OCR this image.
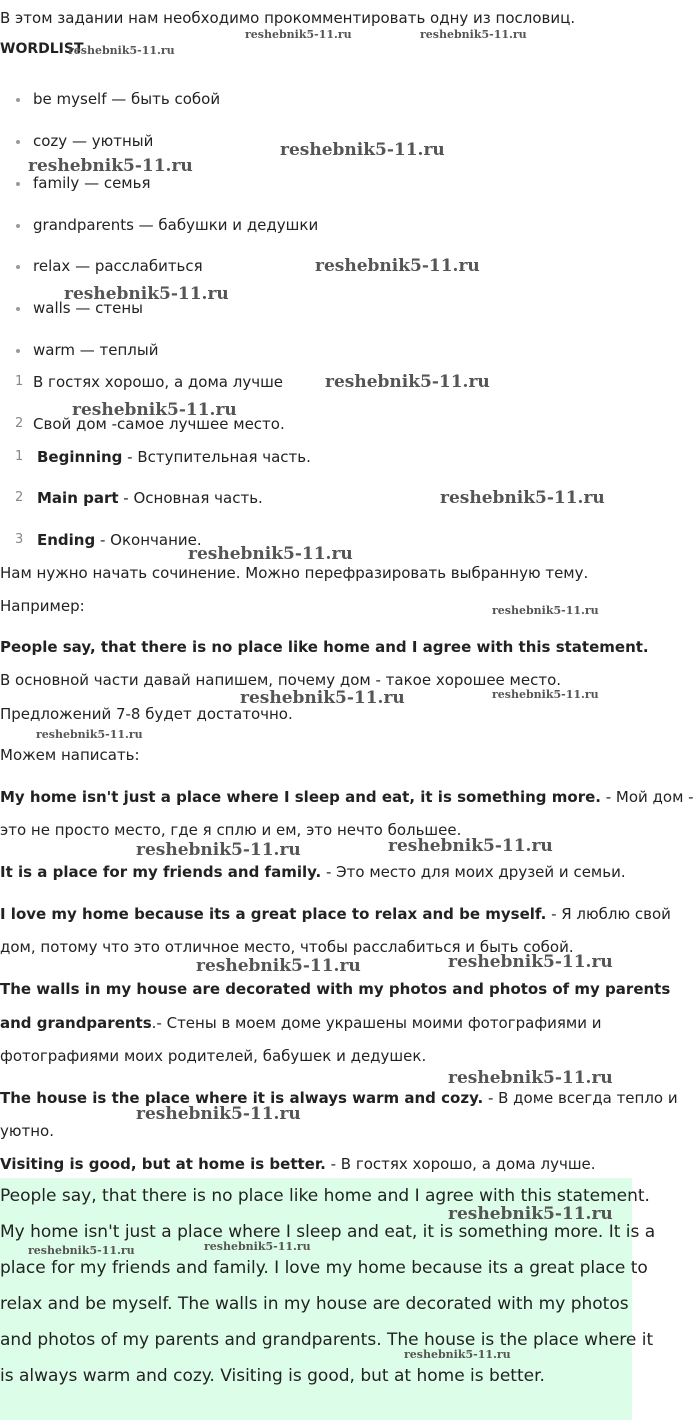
В этом задании нам необходимо прокомментировать одну из пословиц.
WORDLIST
be myself — быть собой
cozy — уютный
family — семья
grandparents — бабушки и дедушки
relax — расслабиться
walls — стены
warm — теплый
1 В гостях хорошо, а дома лучше
2 Свой дом -самое лучшее место.
1 Beginning - Вступительная часть.
2 Main part - Основная часть.
3 Ending - Окончание.
Нам нужно начать сочинение. Можно перефразировать выбранную тему.
Например:
People say, that there is no place like home and I agree with this statement.
В основной части давай напишем, почему дом - такое хорошее место.
Предложений 7-8 будет достаточно.
Можем написать:
My home isn't just a place where I sleep and eat, it is something more. - Мой дом -
это не просто место, где я сплю и ем, это нечто большее.
It is a place for my friends and family. - Это место для моих друзей и семьи.
I love my home because its a great place to relax and be myself. - Я люблю свой
дом, потому что это отличное место, чтобы расслабиться и быть собой.
The walls in my house are decorated with my photos and photos of my parents
and grandparents.- Стены в моем доме украшены моими фотографиями и
фотографиями моих родителей, бабушек и дедушек.
The house is the place where it is always warm and cozy. - В доме всегда тепло и
уютно.
Visiting is good, but at home is better. - В гостях хорошо, а дома лучше.
People say, that there is no place like home and I agree with this statement.
My home isn't just a place where I sleep and eat, it is something more. It is a
place for my friends and family. I love my home because its a great place to
relax and be myself. The walls in my house are decorated with my photos
and photos of my parents and grandparents. The house is the place where it
is always warm and cozy. Visiting is good, but at home is better.
reshebnik5-11.ru	reshebnik5-11.ru
reshebnik5-11.ru
reshebnik5-11.ru
reshebnik5-11.ru
reshebnik5-11.ru
reshebnik5-11.ru
reshebnik5-11.ru
reshebnik5-11.ru
reshebnik5-11.ru
reshebnik5-11.ru
reshebnik5-11.ru
reshebnik5-11.ru	reshebnik5-11.ru
reshebnik5-11.ru
reshebnik5-11.ru
reshebnik5-11.ru
reshebnik5-11.ru
reshebnik5-11.ru
reshebnik5-11.ru
reshebnik5-11.ru
reshebnik5-11.ru
reshebnik5-11.ru
reshebnik5-11.ru
reshebnik5-11.ru
